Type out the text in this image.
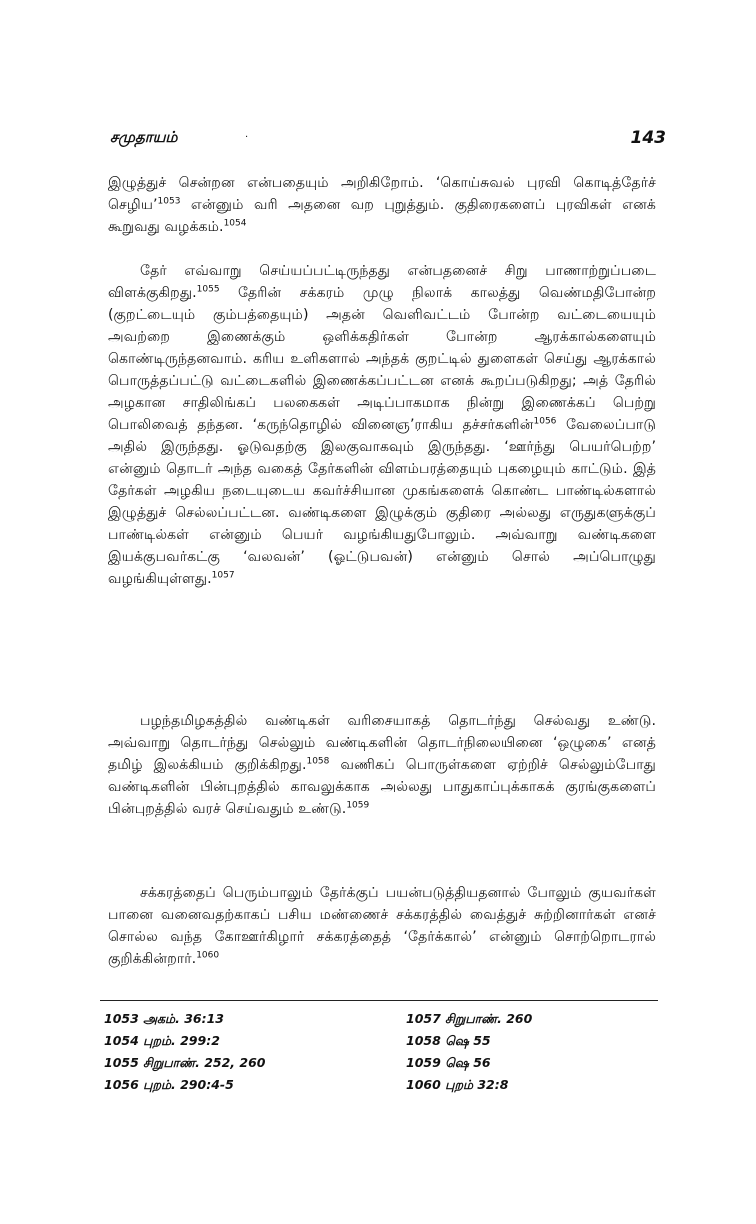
சமுதாயம்	·	143

இழுத்துச் சென்றன என்பதையும் அறிகிறோம். ‘கொய்சுவல் புரவி கொடித்தேர்ச் செழிய’$^{1053}$ என்னும் வரி அதனை வற புறுத்தும். குதிரைகளைப் புரவிகள் எனக் கூறுவது வழக்கம்.$^{1054}$

தேர் எவ்வாறு செய்யப்பட்டிருந்தது என்பதனைச் சிறு பாணாற்றுப்படை விளக்குகிறது.$^{1055}$ தேரின் சக்கரம் முழு நிலாக் காலத்து வெண்மதிபோன்ற (குறட்டையும் கும்பத்தையும்) அதன் வெளிவட்டம் போன்ற வட்டையையும் அவற்றை இணைக்கும் ஒளிக்கதிர்கள் போன்ற ஆரக்கால்களையும் கொண்டிருந்தனவாம். கரிய உளிகளால் அந்தக் குறட்டில் துளைகள் செய்து ஆரக்கால் பொருத்தப்பட்டு வட்டைகளில் இணைக்கப்பட்டன எனக் கூறப்படுகிறது; அத் தேரில் அழகான சாதிலிங்கப் பலகைகள் அடிப்பாகமாக நின்று இணைக்கப் பெற்று பொலிவைத் தந்தன. ‘கருந்தொழில் வினைஞ’ராகிய தச்சர்களின்$^{1056}$ வேலைப்பாடு அதில் இருந்தது. ஓடுவதற்கு இலகுவாகவும் இருந்தது. ‘ஊர்ந்து பெயர்பெற்ற’ என்னும் தொடர் அந்த வகைத் தேர்களின் விளம்பரத்தையும் புகழையும் காட்டும். இத் தேர்கள் அழகிய நடையுடைய கவர்ச்சியான முகங்களைக் கொண்ட பாண்டில்களால் இழுத்துச் செல்லப்பட்டன. வண்டிகளை இழுக்கும் குதிரை அல்லது எருதுகளுக்குப் பாண்டில்கள் என்னும் பெயர் வழங்கியதுபோலும். அவ்வாறு வண்டிகளை இயக்குபவர்கட்கு ‘வலவன்’ (ஓட்டுபவன்) என்னும் சொல் அப்பொழுது வழங்கியுள்ளது.$^{1057}$

பழந்தமிழகத்தில் வண்டிகள் வரிசையாகத் தொடர்ந்து செல்வது உண்டு. அவ்வாறு தொடர்ந்து செல்லும் வண்டிகளின் தொடர்நிலையினை ‘ஒழுகை’ எனத் தமிழ் இலக்கியம் குறிக்கிறது.$^{1058}$ வணிகப் பொருள்களை ஏற்றிச் செல்லும்போது வண்டிகளின் பின்புறத்தில் காவலுக்காக அல்லது பாதுகாப்புக்காகக் குரங்குகளைப் பின்புறத்தில் வரச் செய்வதும் உண்டு.$^{1059}$

சக்கரத்தைப் பெரும்பாலும் தேர்க்குப் பயன்படுத்தியதனால் போலும் குயவர்கள் பானை வனைவதற்காகப் பசிய மண்ணைச் சக்கரத்தில் வைத்துச் சுற்றினார்கள் எனச் சொல்ல வந்த கோஊர்கிழார் சக்கரத்தைத் ‘தேர்க்கால்’ என்னும் சொற்றொடரால் குறிக்கின்றார்.$^{1060}$

1053 அகம். 36:13
1054 புறம். 299:2
1055 சிறுபாண். 252, 260
1056 புறம். 290:4-5
1057 சிறுபாண். 260
1058 ஷெ 55
1059 ஷெ 56
1060 புறம் 32:8
